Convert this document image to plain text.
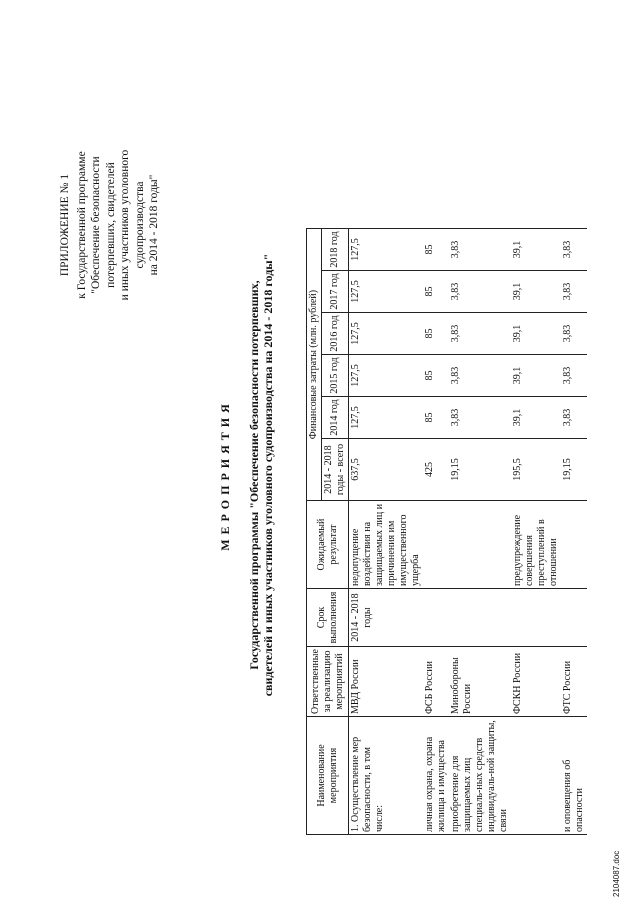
ПРИЛОЖЕНИЕ № 1 к Государственной программе "Обеспечение безопасности потерпевших, свидетелей и иных участников уголовного судопроизводства на 2014 - 2018 годы"
МЕРОПРИЯТИЯ Государственной программы "Обеспечение безопасности потерпевших, свидетелей и иных участников уголовного судопроизводства на 2014 - 2018 годы"
Наименование мероприятия	Ответственные за реализацию мероприятий	Срок выполнения	Ожидаемый результат	Финансовые затраты (млн. рублей)					
				2014 - 2018 годы - всего	2014 год	2015 год	2016 год	2017 год	2018 год
1. Осуществление мер безопасности, в том числе:	МВД России	2014 - 2018 годы	недопущение воздействия на защищаемых лиц и причинения им имущественного ущерба	637,5	127,5	127,5	127,5	127,5	127,5
личная охрана, охрана жилища и имущества	ФСБ России			425	85	85	85	85	85
приобретение для защищаемых лиц специаль-ных средств индивидуаль-ной защиты, связи	Минобороны России			19,15	3,83	3,83	3,83	3,83	3,83
	ФСКН России		предупреждение совершения преступлений в отношении	195,5	39,1	39,1	39,1	39,1	39,1
и оповещения об опасности	ФТС России			19,15	3,83	3,83	3,83	3,83	3,83
2104087.doc
